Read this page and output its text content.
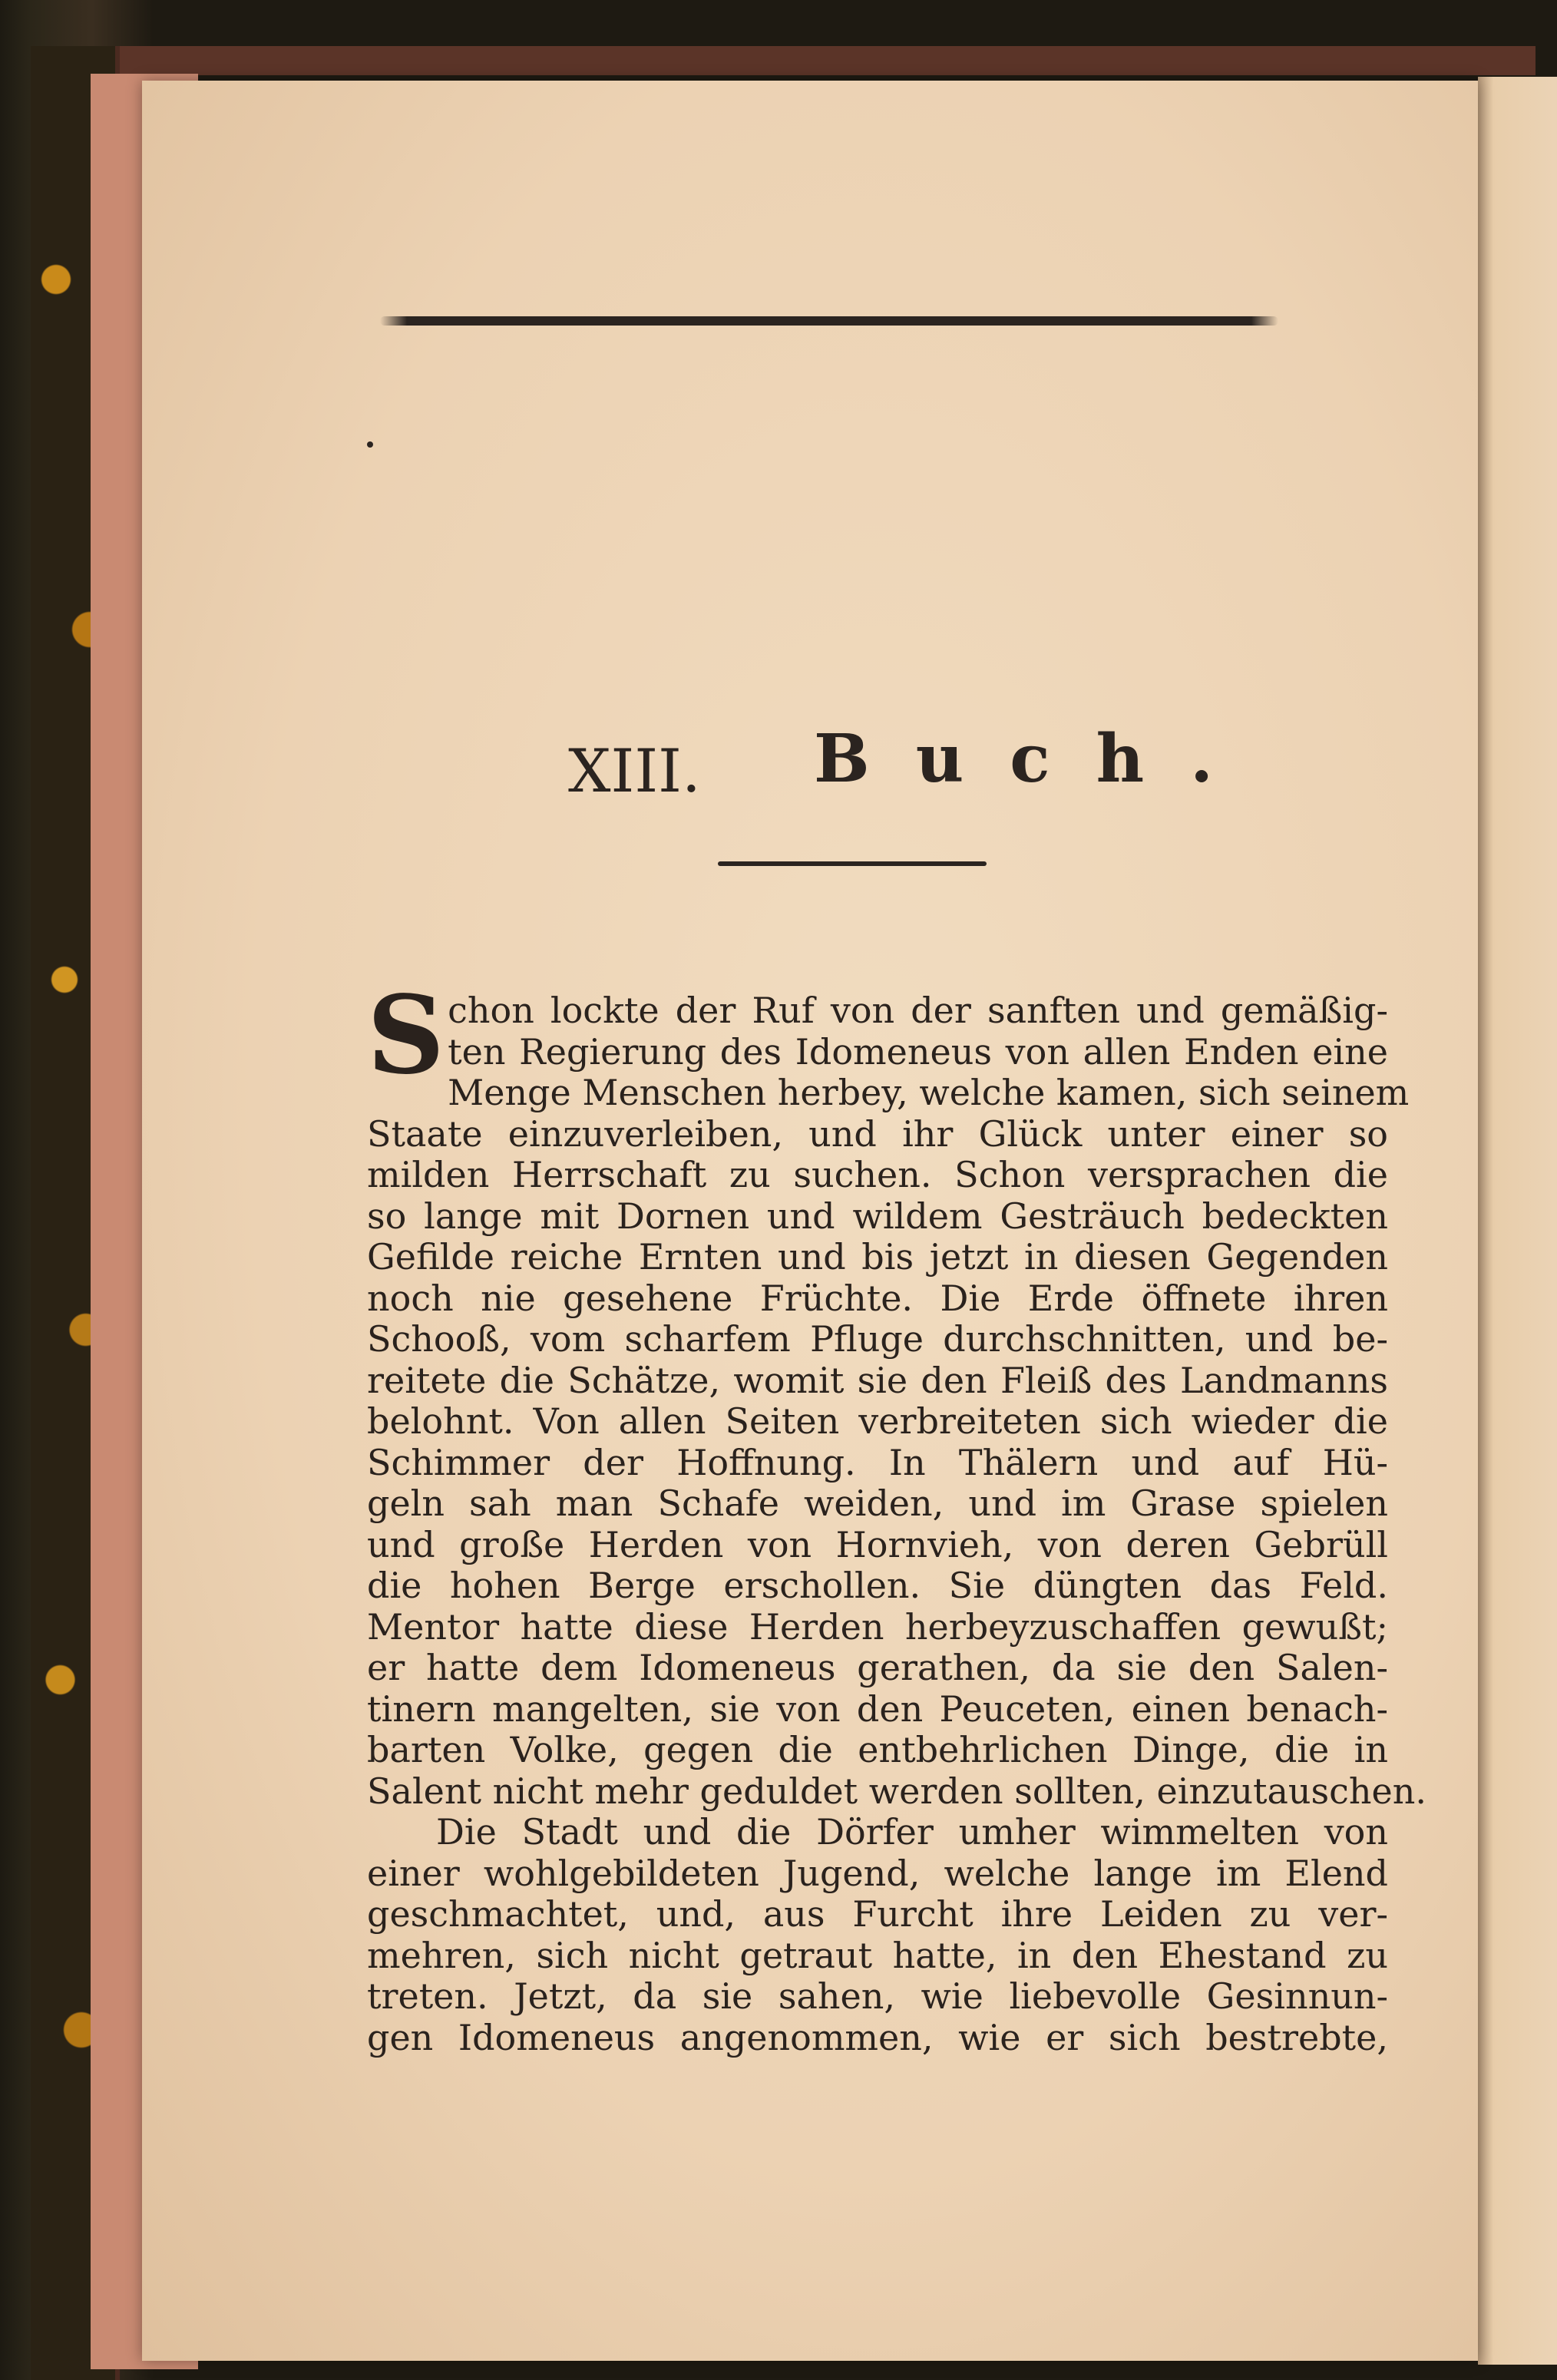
XIII. Buch.
S chon lockte der Ruf von der sanften und gemäßig-
ten Regierung des Idomeneus von allen Enden eine
Menge Menschen herbey, welche kamen, sich seinem
Staate einzuverleiben, und ihr Glück unter einer so
milden Herrschaft zu suchen. Schon versprachen die
so lange mit Dornen und wildem Gesträuch bedeckten
Gefilde reiche Ernten und bis jetzt in diesen Gegenden
noch nie gesehene Früchte. Die Erde öffnete ihren
Schooß, vom scharfem Pfluge durchschnitten, und be-
reitete die Schätze, womit sie den Fleiß des Landmanns
belohnt. Von allen Seiten verbreiteten sich wieder die
Schimmer der Hoffnung. In Thälern und auf Hü-
geln sah man Schafe weiden, und im Grase spielen
und große Herden von Hornvieh, von deren Gebrüll
die hohen Berge erschollen. Sie düngten das Feld.
Mentor hatte diese Herden herbeyzuschaffen gewußt;
er hatte dem Idomeneus gerathen, da sie den Salen-
tinern mangelten, sie von den Peuceten, einen benach-
barten Volke, gegen die entbehrlichen Dinge, die in
Salent nicht mehr geduldet werden sollten, einzutauschen.
Die Stadt und die Dörfer umher wimmelten von
einer wohlgebildeten Jugend, welche lange im Elend
geschmachtet, und, aus Furcht ihre Leiden zu ver-
mehren, sich nicht getraut hatte, in den Ehestand zu
treten. Jetzt, da sie sahen, wie liebevolle Gesinnun-
gen Idomeneus angenommen, wie er sich bestrebte,
